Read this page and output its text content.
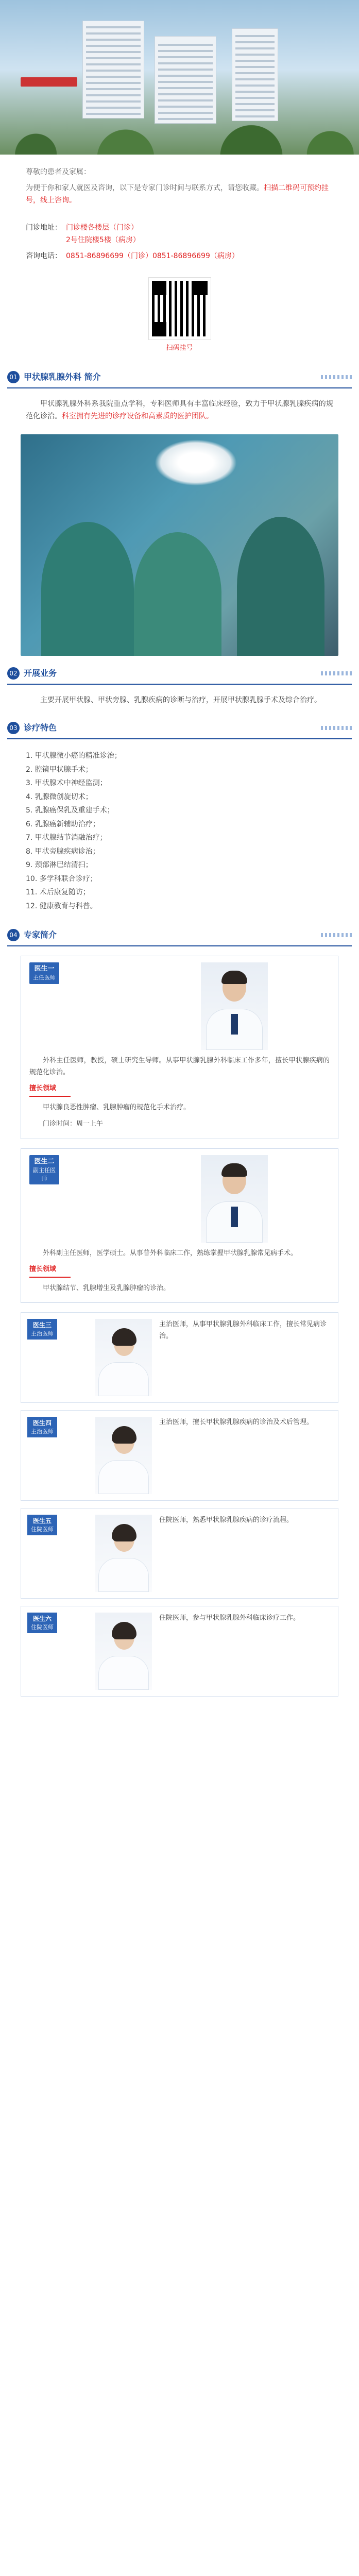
尊敬的患者及家属：

为便于你和家人就医及咨询，以下是专家门诊时间与联系方式，请您收藏。扫描二维码可预约挂号，线上咨询。

门诊地址： 门诊楼各楼层（门诊）
2号住院楼5楼（病房）
咨询电话： 0851-86896699（门诊）0851-86896699（病房）
扫码挂号
01 甲状腺乳腺外科 简介
甲状腺乳腺外科系我院重点学科，专科医师具有丰富临床经验，致力于甲状腺乳腺疾病的规范化诊治。科室拥有先进的诊疗设备和高素质的医护团队。
02 开展业务
主要开展甲状腺、甲状旁腺、乳腺疾病的诊断与治疗，开展甲状腺乳腺手术及综合治疗。
03 诊疗特色
1. 甲状腺微小癌的精准诊治；
2. 腔镜甲状腺手术；
3. 甲状腺术中神经监测；
4. 乳腺微创旋切术；
5. 乳腺癌保乳及重建手术；
6. 乳腺癌新辅助治疗；
7. 甲状腺结节消融治疗；
8. 甲状旁腺疾病诊治；
9. 颈部淋巴结清扫；
10. 多学科联合诊疗；
11. 术后康复随访；
12. 健康教育与科普。
04 专家简介
医生一
主任医师
外科主任医师，教授，硕士研究生导师。从事甲状腺乳腺外科临床工作多年，擅长甲状腺疾病的规范化诊治。
擅长领域
甲状腺良恶性肿瘤、乳腺肿瘤的规范化手术治疗。
门诊时间：周一上午
医生二
副主任医师
外科副主任医师，医学硕士。从事普外科临床工作，熟练掌握甲状腺乳腺常见病手术。
擅长领域
甲状腺结节、乳腺增生及乳腺肿瘤的诊治。
医生三
主治医师
主治医师，从事甲状腺乳腺外科临床工作，擅长常见病诊治。
医生四
主治医师
主治医师，擅长甲状腺乳腺疾病的诊治及术后管理。
医生五
住院医师
住院医师，熟悉甲状腺乳腺疾病的诊疗流程。
医生六
住院医师
住院医师，参与甲状腺乳腺外科临床诊疗工作。
